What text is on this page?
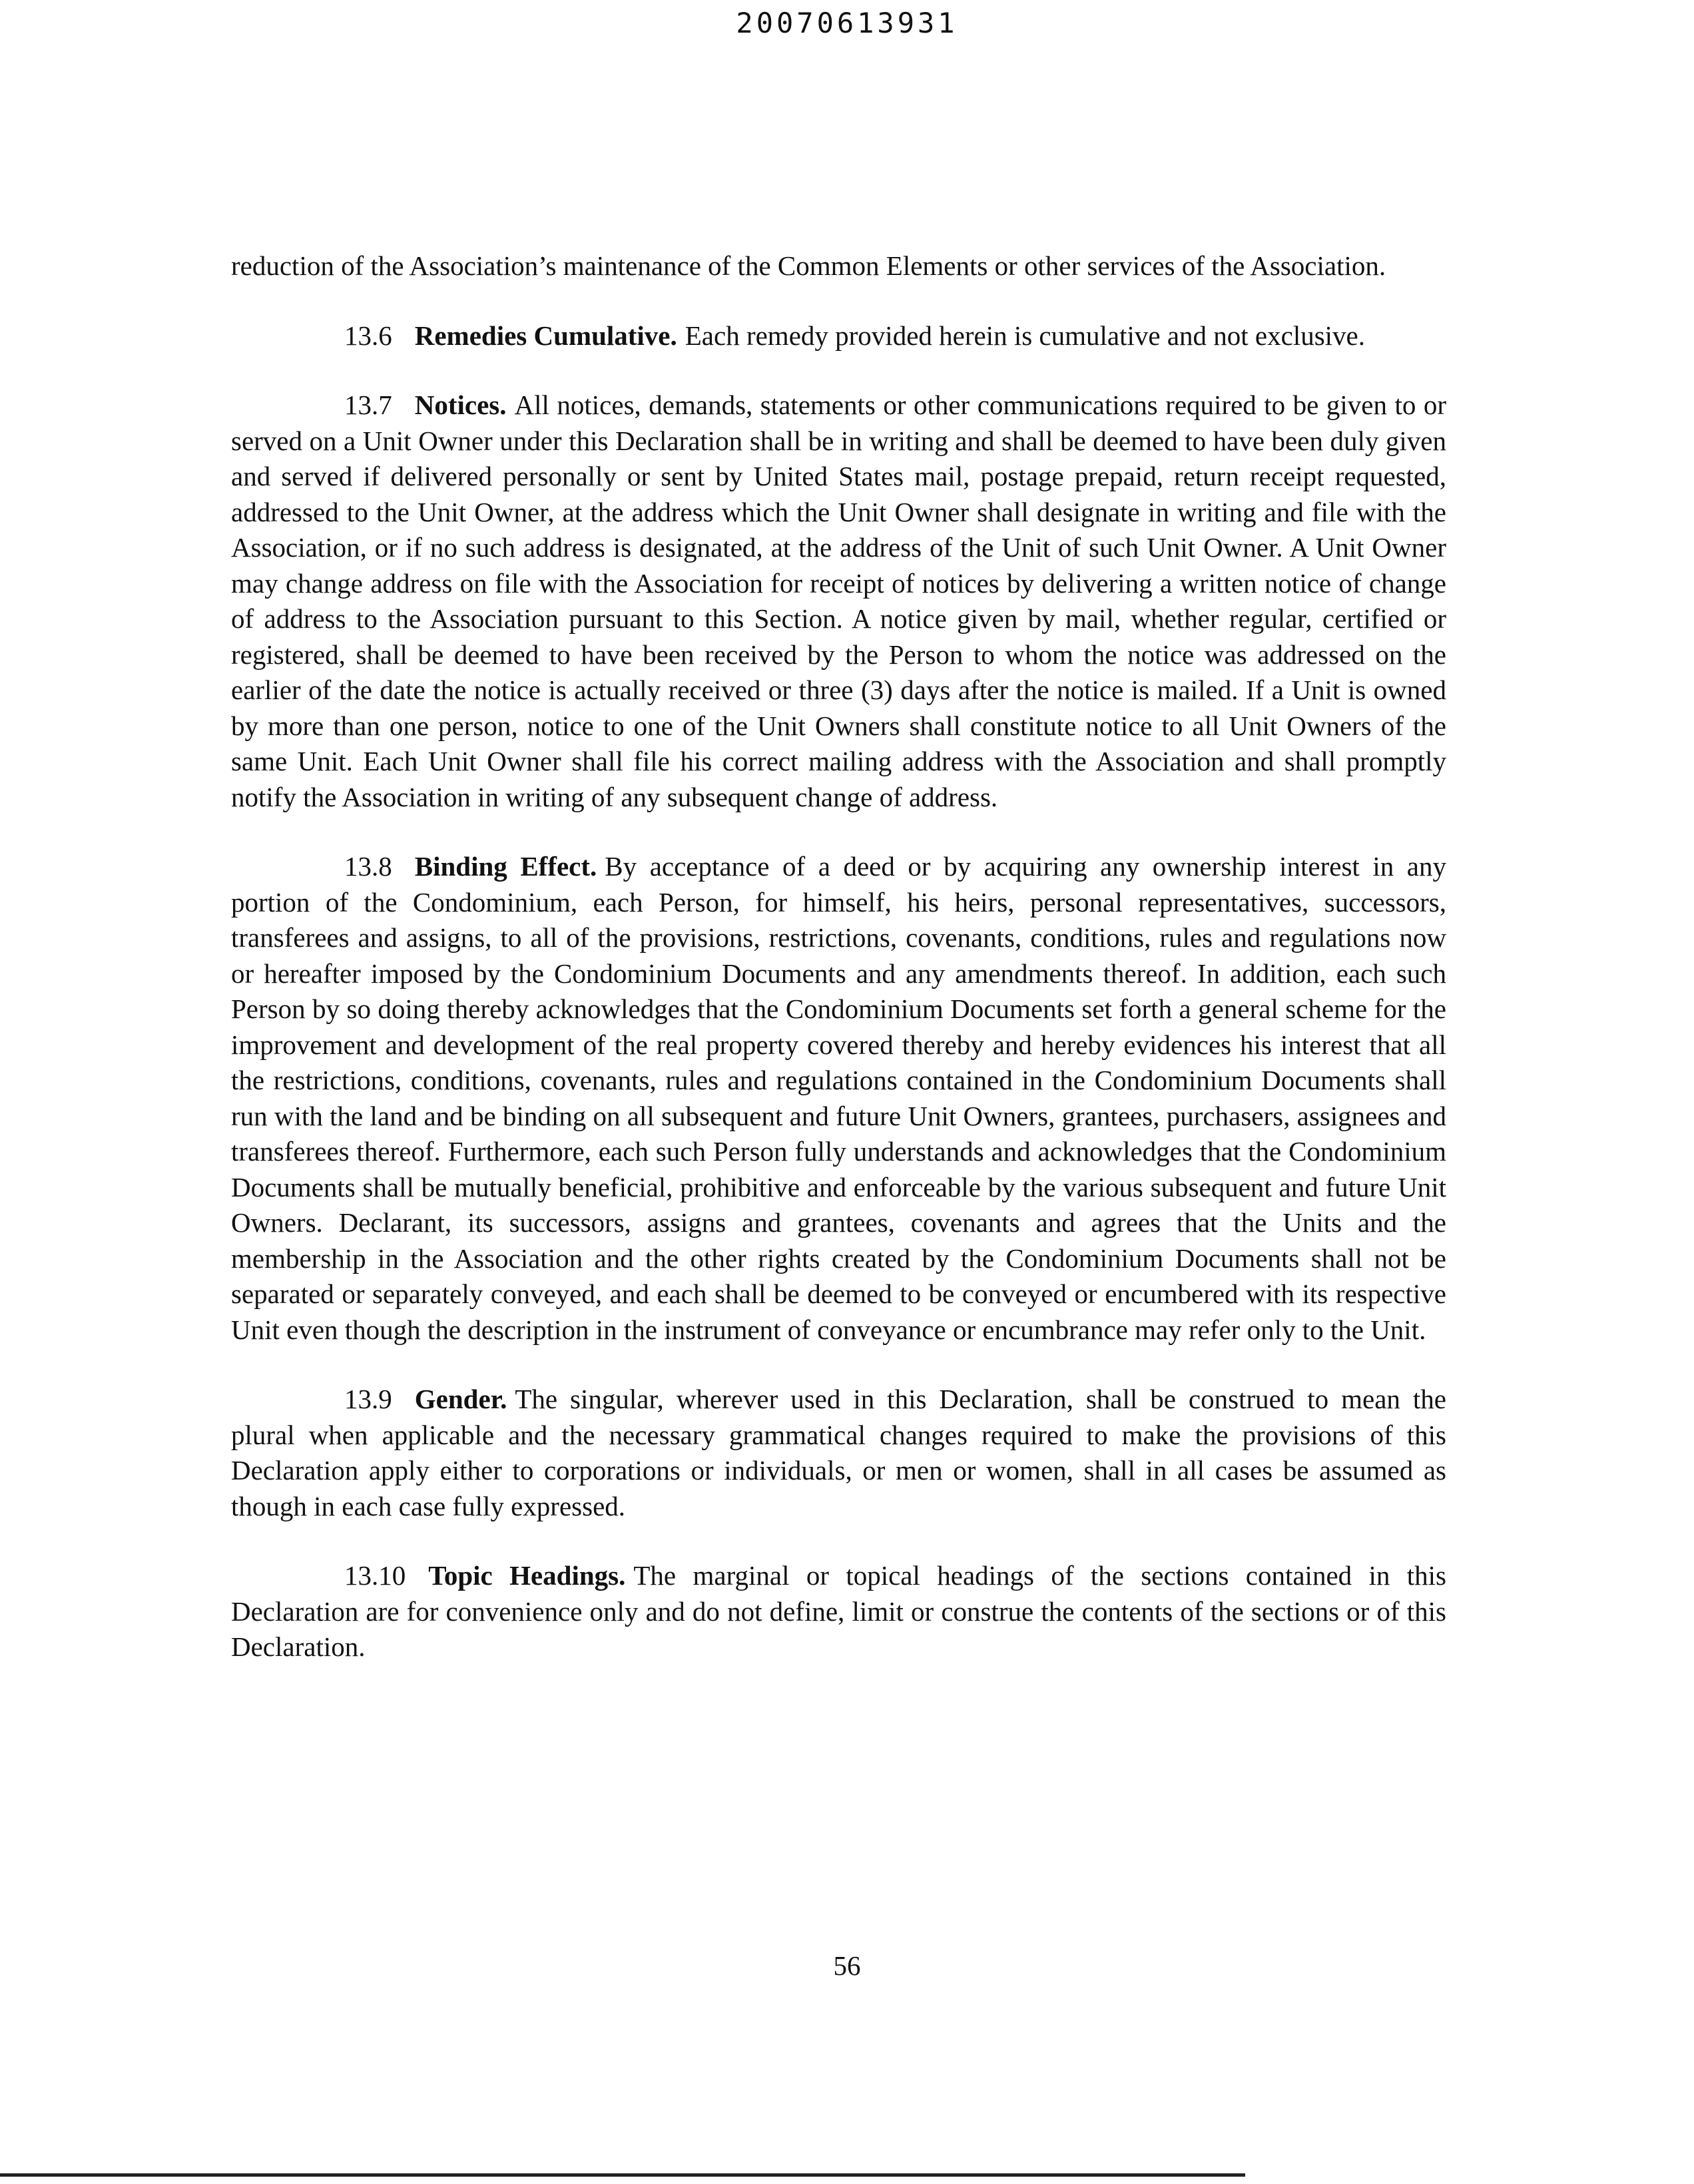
20070613931

reduction of the Association’s maintenance of the Common Elements or other services of the Association.

13.6 Remedies Cumulative. Each remedy provided herein is cumulative and not exclusive.

13.7 Notices. All notices, demands, statements or other communications required to be given to or served on a Unit Owner under this Declaration shall be in writing and shall be deemed to have been duly given and served if delivered personally or sent by United States mail, postage prepaid, return receipt requested, addressed to the Unit Owner, at the address which the Unit Owner shall designate in writing and file with the Association, or if no such address is designated, at the address of the Unit of such Unit Owner. A Unit Owner may change address on file with the Association for receipt of notices by delivering a written notice of change of address to the Association pursuant to this Section. A notice given by mail, whether regular, certified or registered, shall be deemed to have been received by the Person to whom the notice was addressed on the earlier of the date the notice is actually received or three (3) days after the notice is mailed. If a Unit is owned by more than one person, notice to one of the Unit Owners shall constitute notice to all Unit Owners of the same Unit. Each Unit Owner shall file his correct mailing address with the Association and shall promptly notify the Association in writing of any subsequent change of address.

13.8 Binding Effect. By acceptance of a deed or by acquiring any ownership interest in any portion of the Condominium, each Person, for himself, his heirs, personal representatives, successors, transferees and assigns, to all of the provisions, restrictions, covenants, conditions, rules and regulations now or hereafter imposed by the Condominium Documents and any amendments thereof. In addition, each such Person by so doing thereby acknowledges that the Condominium Documents set forth a general scheme for the improvement and development of the real property covered thereby and hereby evidences his interest that all the restrictions, conditions, covenants, rules and regulations contained in the Condominium Documents shall run with the land and be binding on all subsequent and future Unit Owners, grantees, purchasers, assignees and transferees thereof. Furthermore, each such Person fully understands and acknowledges that the Condominium Documents shall be mutually beneficial, prohibitive and enforceable by the various subsequent and future Unit Owners. Declarant, its successors, assigns and grantees, covenants and agrees that the Units and the membership in the Association and the other rights created by the Condominium Documents shall not be separated or separately conveyed, and each shall be deemed to be conveyed or encumbered with its respective Unit even though the description in the instrument of conveyance or encumbrance may refer only to the Unit.

13.9 Gender. The singular, wherever used in this Declaration, shall be construed to mean the plural when applicable and the necessary grammatical changes required to make the provisions of this Declaration apply either to corporations or individuals, or men or women, shall in all cases be assumed as though in each case fully expressed.

13.10 Topic Headings. The marginal or topical headings of the sections contained in this Declaration are for convenience only and do not define, limit or construe the contents of the sections or of this Declaration.

56
